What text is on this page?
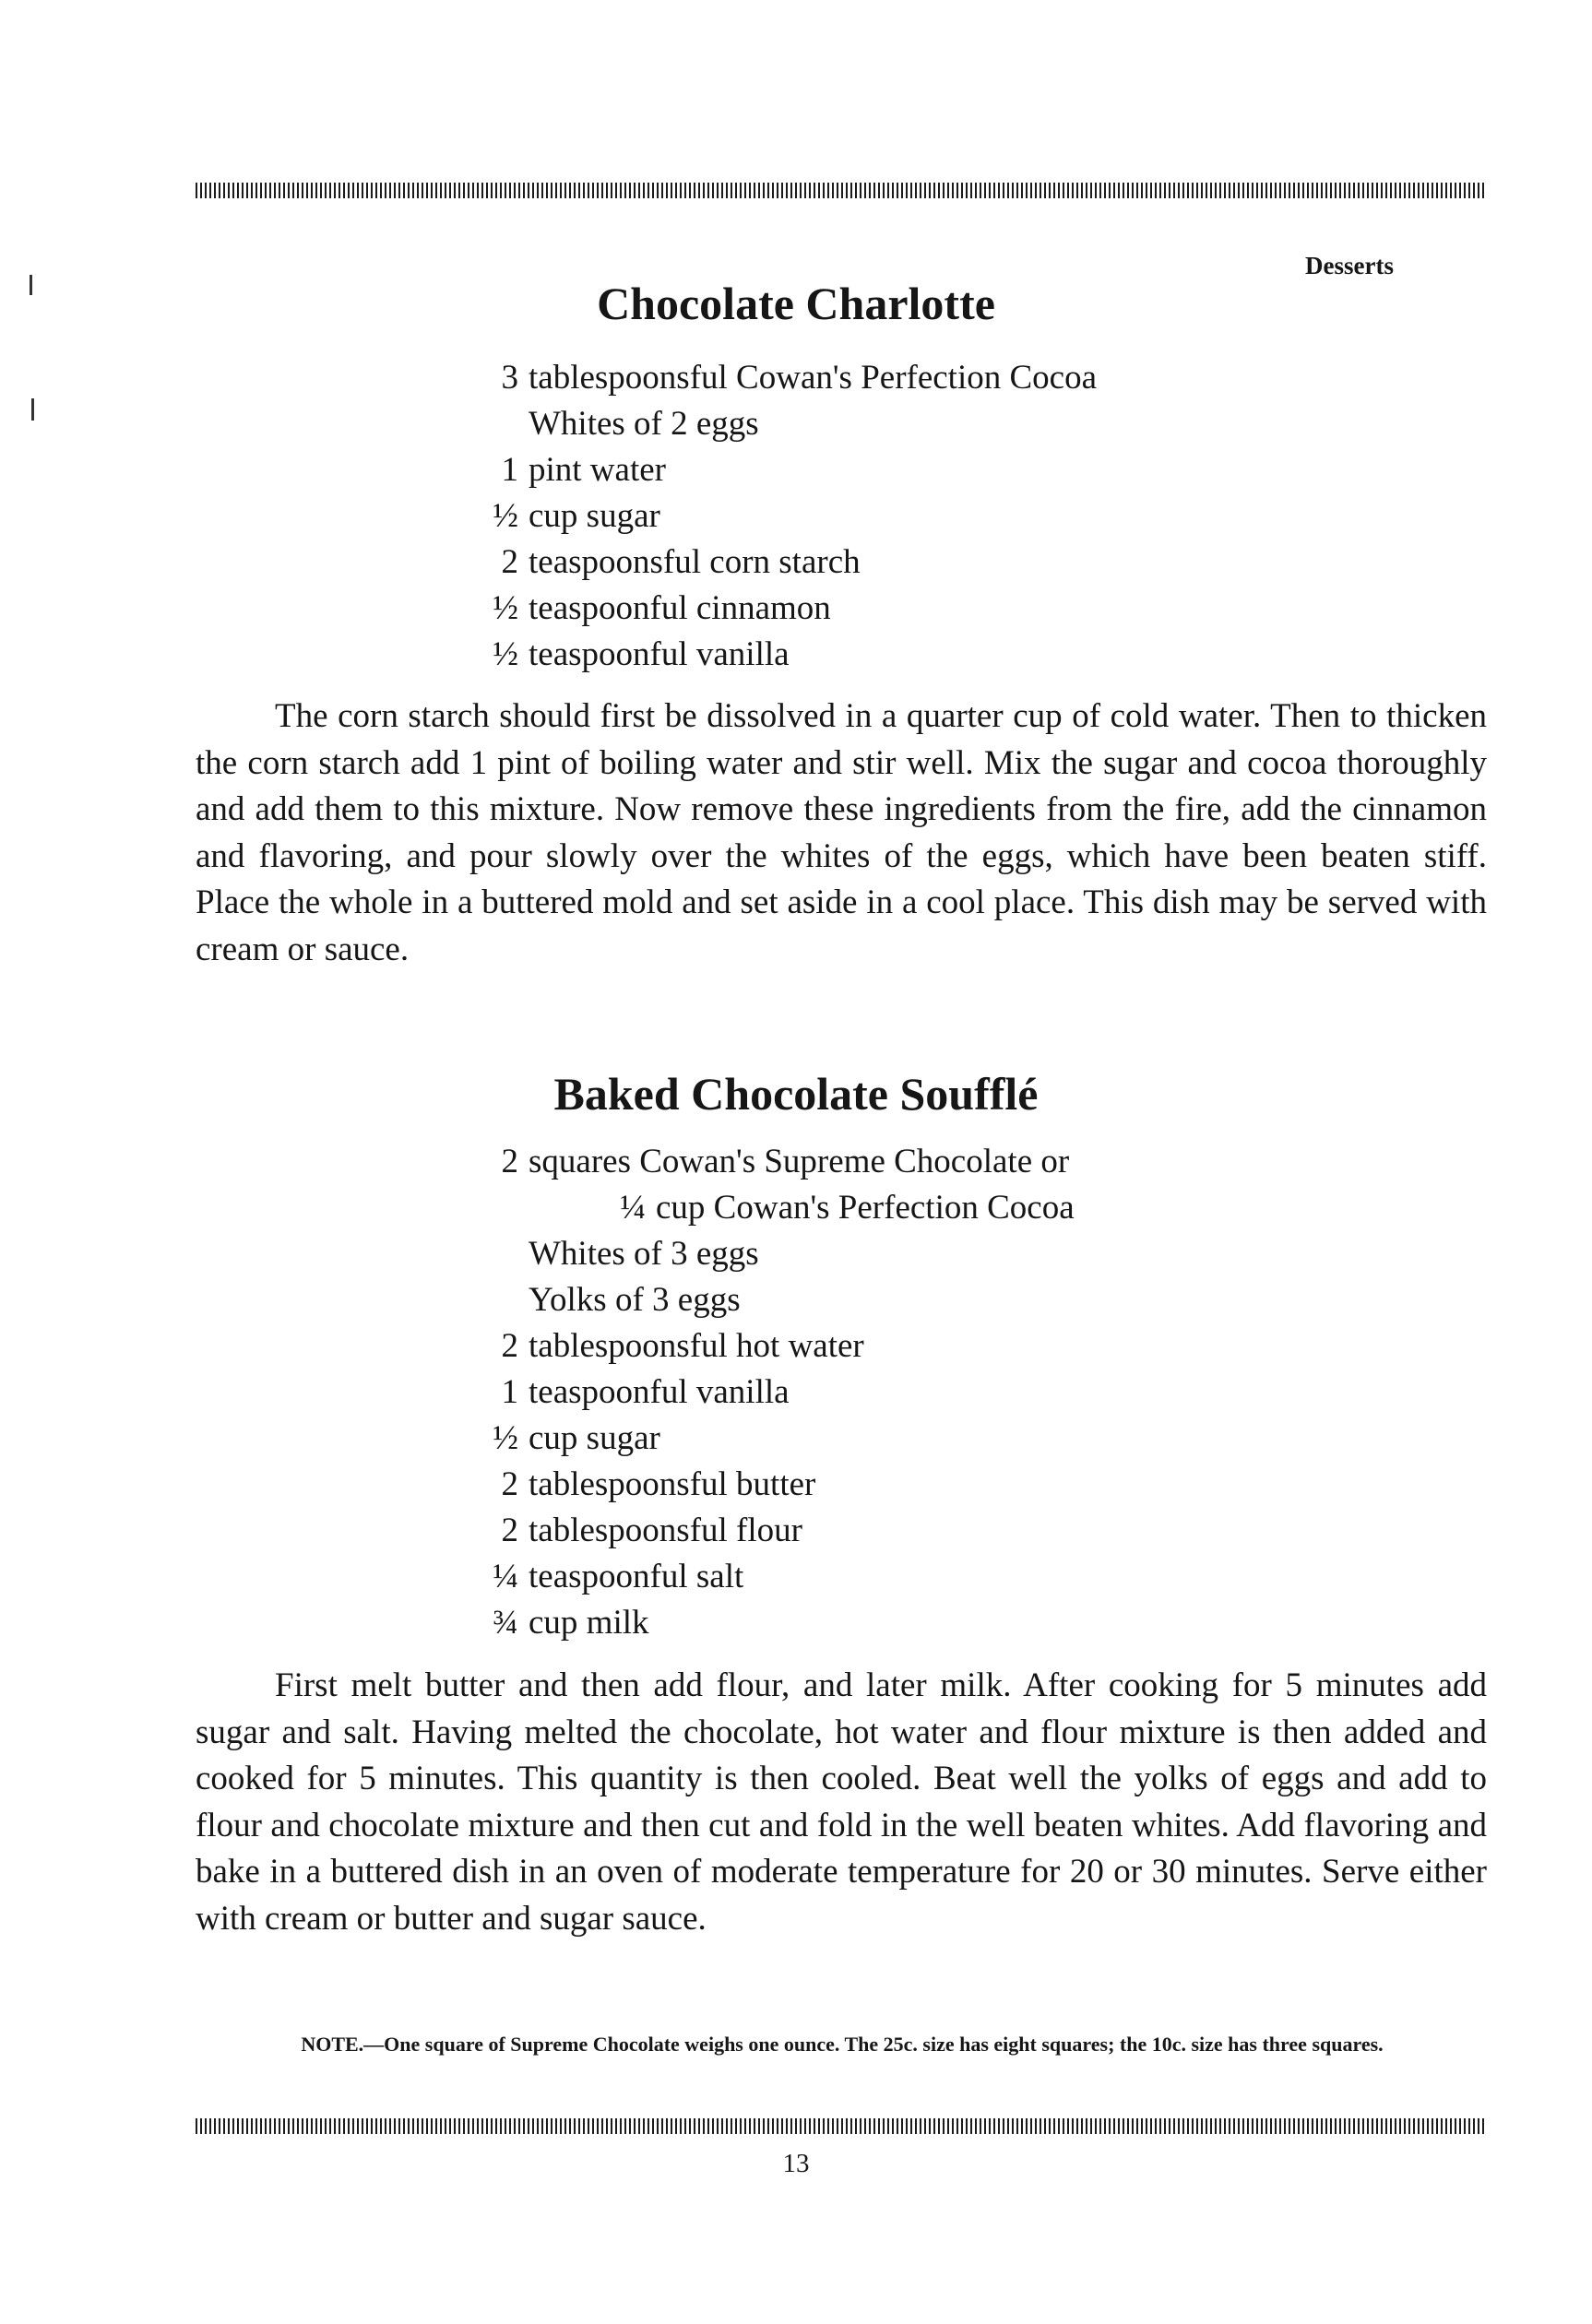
Desserts
Chocolate Charlotte
3 tablespoonsful Cowan's Perfection Cocoa
Whites of 2 eggs
1 pint water
½ cup sugar
2 teaspoonsful corn starch
½ teaspoonful cinnamon
½ teaspoonful vanilla

The corn starch should first be dissolved in a quarter cup of cold water. Then to thicken the corn starch add 1 pint of boiling water and stir well. Mix the sugar and cocoa thoroughly and add them to this mixture. Now remove these ingredients from the fire, add the cinnamon and flavoring, and pour slowly over the whites of the eggs, which have been beaten stiff. Place the whole in a buttered mold and set aside in a cool place. This dish may be served with cream or sauce.

Baked Chocolate Soufflé
2 squares Cowan's Supreme Chocolate or
¼ cup Cowan's Perfection Cocoa
Whites of 3 eggs
Yolks of 3 eggs
2 tablespoonsful hot water
1 teaspoonful vanilla
½ cup sugar
2 tablespoonsful butter
2 tablespoonsful flour
¼ teaspoonful salt
¾ cup milk

First melt butter and then add flour, and later milk. After cooking for 5 minutes add sugar and salt. Having melted the chocolate, hot water and flour mixture is then added and cooked for 5 minutes. This quantity is then cooled. Beat well the yolks of eggs and add to flour and chocolate mixture and then cut and fold in the well beaten whites. Add flavoring and bake in a buttered dish in an oven of moderate temperature for 20 or 30 minutes. Serve either with cream or butter and sugar sauce.

NOTE.—One square of Supreme Chocolate weighs one ounce. The 25c. size has eight squares; the 10c. size has three squares.

13
